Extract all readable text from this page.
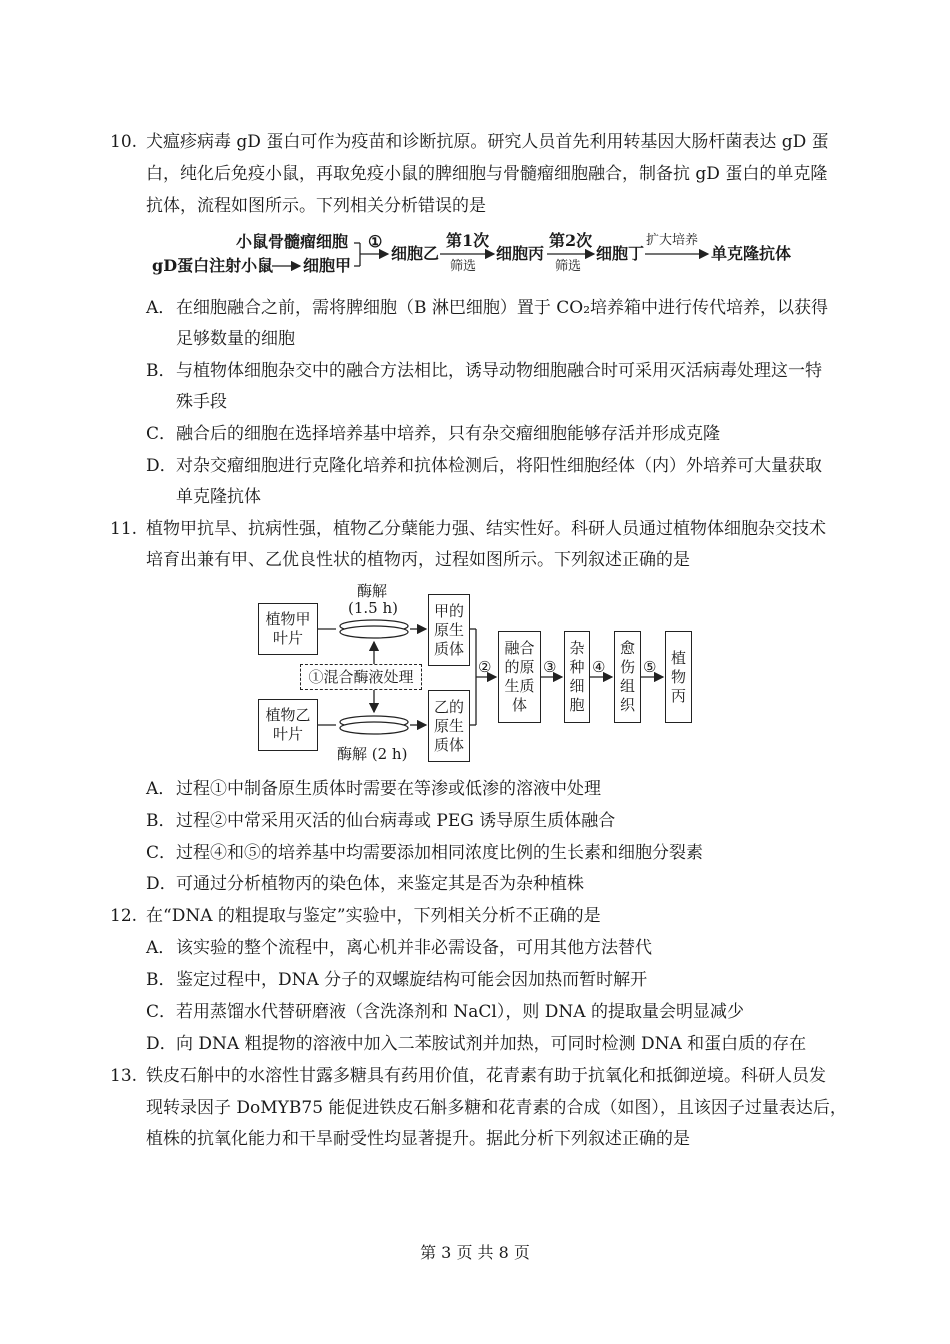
10. 犬瘟疹病毒 gD 蛋白可作为疫苗和诊断抗原。研究人员首先利用转基因大肠杆菌表达 gD 蛋
白，纯化后免疫小鼠，再取免疫小鼠的脾细胞与骨髓瘤细胞融合，制备抗 gD 蛋白的单克隆
抗体，流程如图所示。下列相关分析错误的是
小鼠骨髓瘤细胞
gD蛋白注射小鼠 细胞甲
①
细胞乙
第1次
筛选
细胞丙
第2次
筛选
细胞丁
扩大培养
单克隆抗体
A． 在细胞融合之前，需将脾细胞（B 淋巴细胞）置于 CO₂培养箱中进行传代培养，以获得
足够数量的细胞
B． 与植物体细胞杂交中的融合方法相比，诱导动物细胞融合时可采用灭活病毒处理这一特
殊手段
C． 融合后的细胞在选择培养基中培养，只有杂交瘤细胞能够存活并形成克隆
D． 对杂交瘤细胞进行克隆化培养和抗体检测后，将阳性细胞经体（内）外培养可大量获取
单克隆抗体
11. 植物甲抗旱、抗病性强，植物乙分蘖能力强、结实性好。科研人员通过植物体细胞杂交技术
培育出兼有甲、乙优良性状的植物丙，过程如图所示。下列叙述正确的是
植物甲叶片
植物乙叶片
酶解
(1.5 h)
①混合酶液处理
酶解 (2 h)
甲的原生质体
乙的原生质体
②
融合的原生质体
③
杂种细胞
④
愈伤组织
⑤
植物丙
A． 过程①中制备原生质体时需要在等渗或低渗的溶液中处理
B． 过程②中常采用灭活的仙台病毒或 PEG 诱导原生质体融合
C． 过程④和⑤的培养基中均需要添加相同浓度比例的生长素和细胞分裂素
D． 可通过分析植物丙的染色体，来鉴定其是否为杂种植株
12. 在“DNA 的粗提取与鉴定”实验中，下列相关分析不正确的是
A． 该实验的整个流程中，离心机并非必需设备，可用其他方法替代
B． 鉴定过程中，DNA 分子的双螺旋结构可能会因加热而暂时解开
C． 若用蒸馏水代替研磨液（含洗涤剂和 NaCl），则 DNA 的提取量会明显减少
D． 向 DNA 粗提物的溶液中加入二苯胺试剂并加热，可同时检测 DNA 和蛋白质的存在
13. 铁皮石斛中的水溶性甘露多糖具有药用价值，花青素有助于抗氧化和抵御逆境。科研人员发
现转录因子 DoMYB75 能促进铁皮石斛多糖和花青素的合成（如图），且该因子过量表达后，
植株的抗氧化能力和干旱耐受性均显著提升。据此分析下列叙述正确的是
第 3 页 共 8 页
